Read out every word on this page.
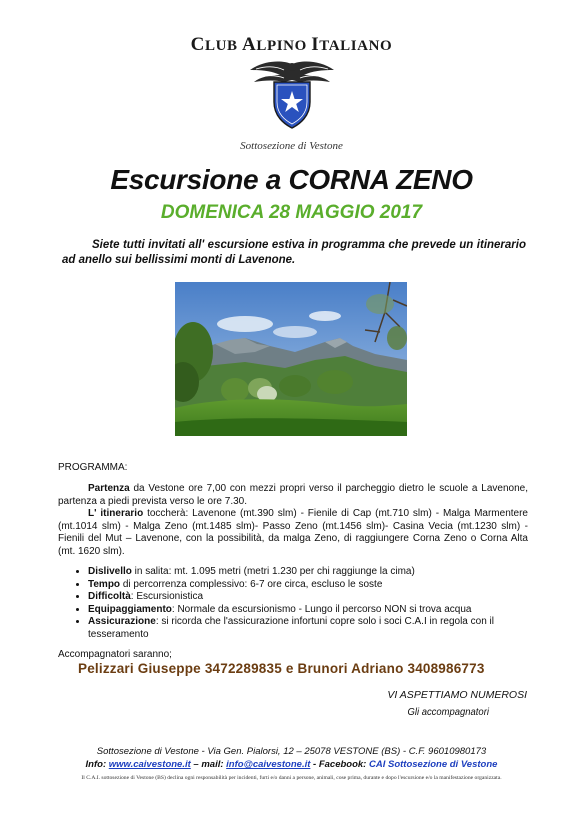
CLUB ALPINO ITALIANO
Sottosezione di Vestone
Escursione a CORNA ZENO
DOMENICA 28 MAGGIO 2017
Siete tutti invitati all' escursione estiva in programma che prevede un itinerario ad anello sui bellissimi monti di Lavenone.
PROGRAMMA:
Partenza da Vestone ore 7,00 con mezzi propri verso il parcheggio dietro le scuole a Lavenone, partenza a piedi prevista verso le ore 7.30.
L' itinerario toccherà: Lavenone (mt.390 slm) - Fienile di Cap (mt.710 slm) - Malga Marmentere (mt.1014 slm) - Malga Zeno (mt.1485 slm)- Passo Zeno (mt.1456 slm)- Casina Vecia (mt.1230 slm) - Fienili del Mut – Lavenone, con la possibilità, da malga Zeno, di raggiungere Corna Zeno o Corna Alta (mt. 1620 slm).
• Dislivello in salita: mt. 1.095 metri (metri 1.230 per chi raggiunge la cima)
• Tempo di percorrenza complessivo: 6-7 ore circa, escluso le soste
• Difficoltà: Escursionistica
• Equipaggiamento: Normale da escursionismo - Lungo il percorso NON si trova acqua
• Assicurazione: si ricorda che l'assicurazione infortuni copre solo i soci C.A.I in regola con il tesseramento
Accompagnatori saranno;
Pelizzari Giuseppe 3472289835 e Brunori Adriano 3408986773
VI ASPETTIAMO NUMEROSI
Gli accompagnatori
Sottosezione di Vestone - Via Gen. Pialorsi, 12 – 25078 VESTONE (BS) - C.F. 96010980173
Info: www.caivestone.it – mail: info@caivestone.it - Facebook: CAI Sottosezione di Vestone
Il C.A.I. sottosezione di Vestone (BS) declina ogni responsabilità per incidenti, furti e/o danni a persone, animali, cose prima, durante e dopo l'escursione e/o la manifestazione organizzata.
